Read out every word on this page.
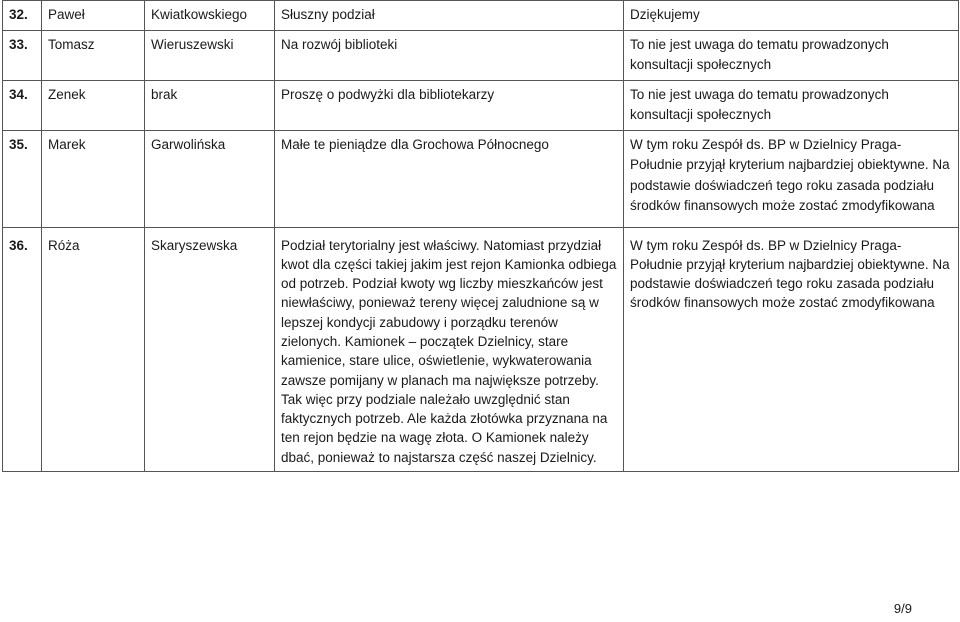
32.	Paweł	Kwiatkowskiego	Słuszny podział	Dziękujemy
33.	Tomasz	Wieruszewski	Na rozwój biblioteki	To nie jest uwaga do tematu prowadzonych konsultacji społecznych
34.	Zenek	brak	Proszę o podwyżki dla bibliotekarzy	To nie jest uwaga do tematu prowadzonych konsultacji społecznych
35.	Marek	Garwolińska	Małe te pieniądze dla Grochowa Północnego	W tym roku Zespół ds. BP w Dzielnicy Praga-Południe przyjął kryterium najbardziej obiektywne. Na podstawie doświadczeń tego roku zasada podziału środków finansowych może zostać zmodyfikowana
36.	Róża	Skaryszewska	Podział terytorialny jest właściwy. Natomiast przydział kwot dla części takiej jakim jest rejon Kamionka odbiega od potrzeb. Podział kwoty wg liczby mieszkańców jest niewłaściwy, ponieważ tereny więcej zaludnione są w lepszej kondycji zabudowy i porządku terenów zielonych. Kamionek – początek Dzielnicy, stare kamienice, stare ulice, oświetlenie, wykwaterowania zawsze pomijany w planach ma największe potrzeby. Tak więc przy podziale należało uwzględnić stan faktycznych potrzeb. Ale każda złotówka przyznana na ten rejon będzie na wagę złota. O Kamionek należy dbać, ponieważ to najstarsza część naszej Dzielnicy.	W tym roku Zespół ds. BP w Dzielnicy Praga-Południe przyjął kryterium najbardziej obiektywne. Na podstawie doświadczeń tego roku zasada podziału środków finansowych może zostać zmodyfikowana
9/9
